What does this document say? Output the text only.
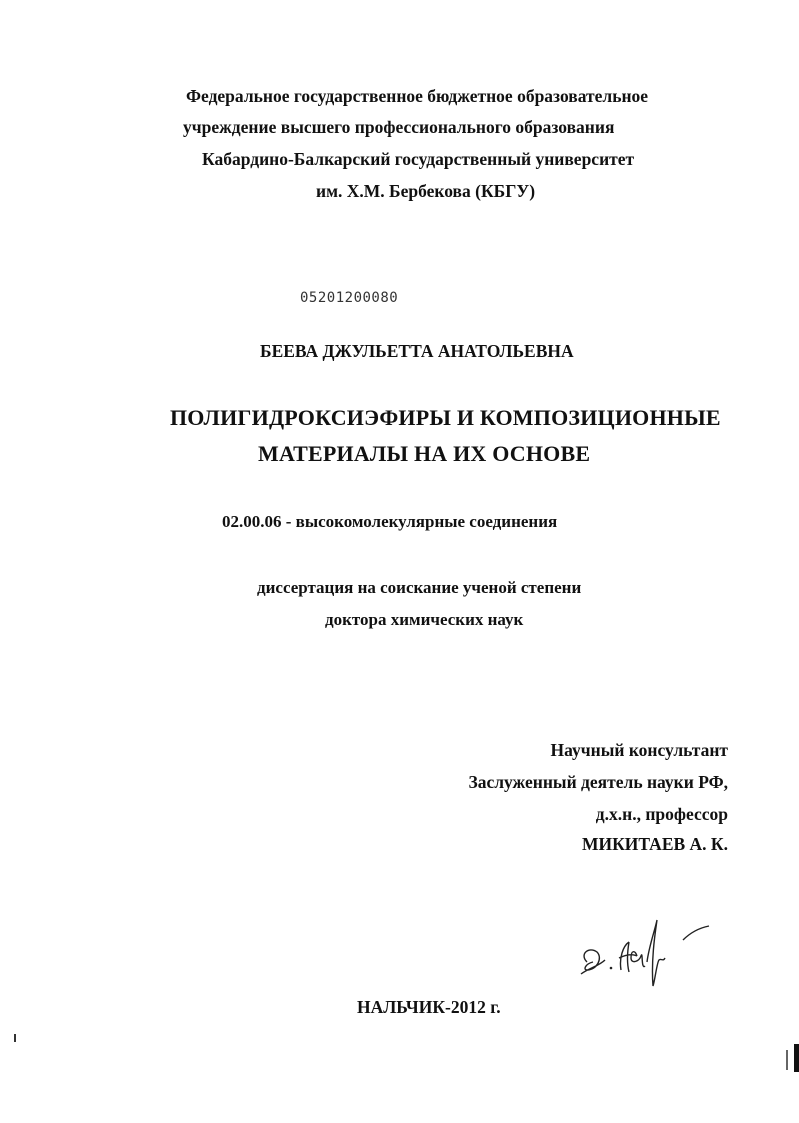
Федеральное государственное бюджетное образовательное
учреждение высшего профессионального образования
Кабардино-Балкарский государственный университет
им. Х.М. Бербекова (КБГУ)
05201200080
БЕЕВА ДЖУЛЬЕТТА АНАТОЛЬЕВНА
ПОЛИГИДРОКСИЭФИРЫ И КОМПОЗИЦИОННЫЕ
МАТЕРИАЛЫ НА ИХ ОСНОВЕ
02.00.06 - высокомолекулярные соединения
диссертация на соискание ученой степени
доктора химических наук
Научный консультант
Заслуженный деятель науки РФ,
д.х.н., профессор
МИКИТАЕВ А. К.
НАЛЬЧИК-2012 г.
